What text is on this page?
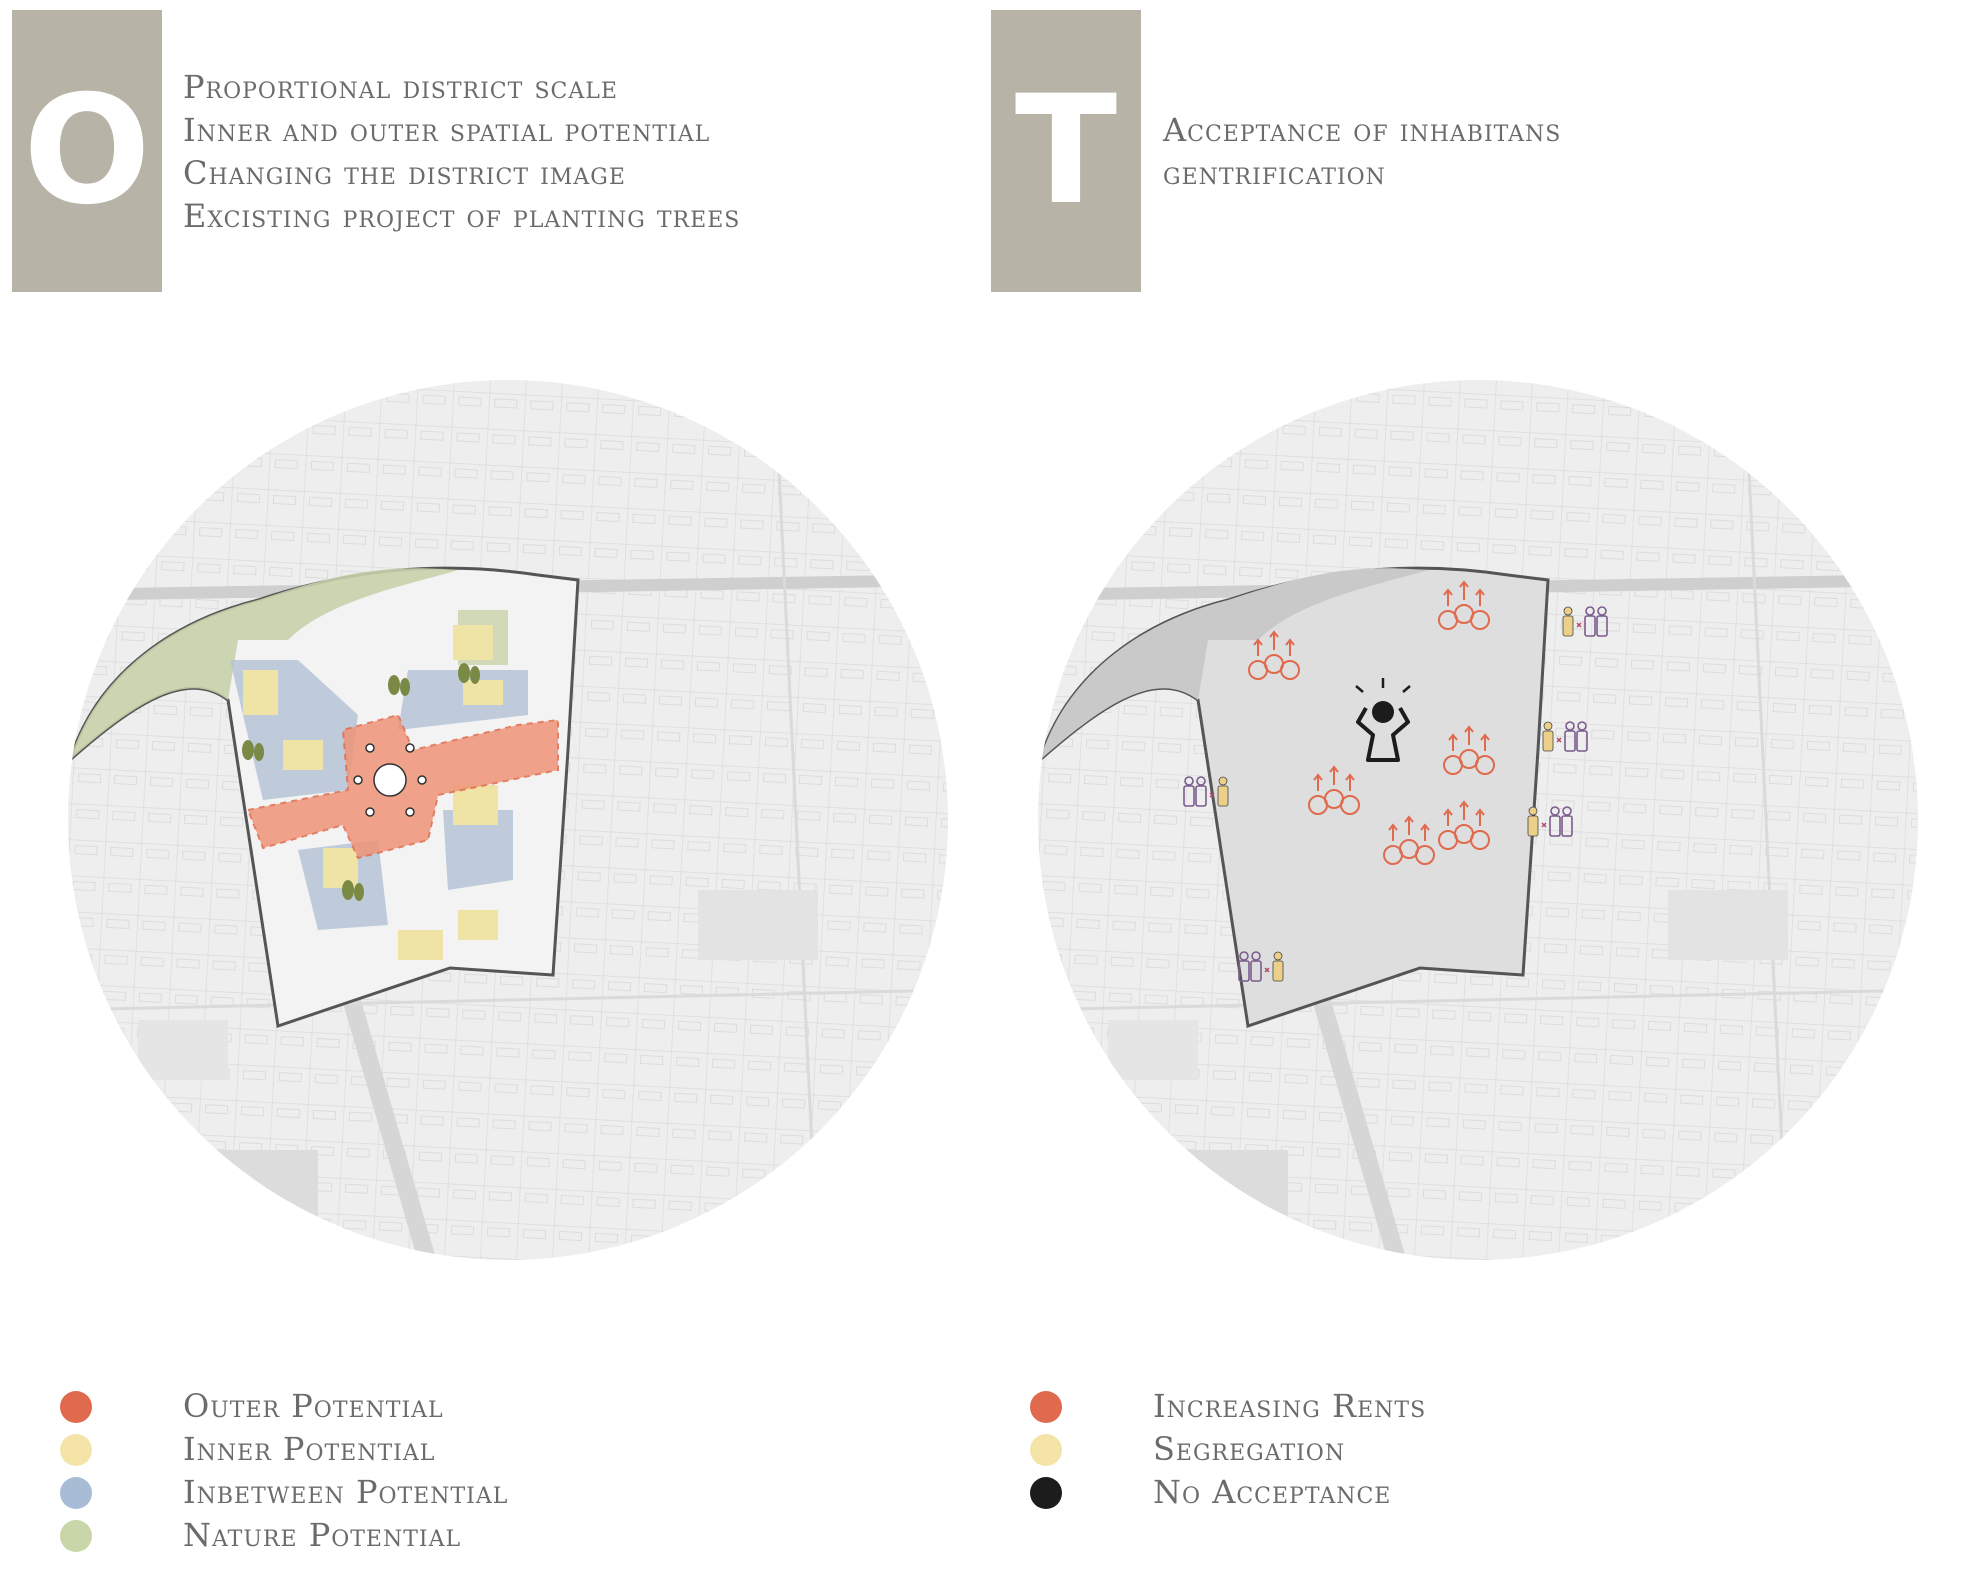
O Proportional district scale
Inner and outer spatial potential
Changing the district image
Excisting project of planting trees
Outer Potential
Inner Potential
Inbetween Potential
Nature Potential
T Acceptance of inhabitans
gentrification
Increasing Rents
Segregation
No Acceptance
